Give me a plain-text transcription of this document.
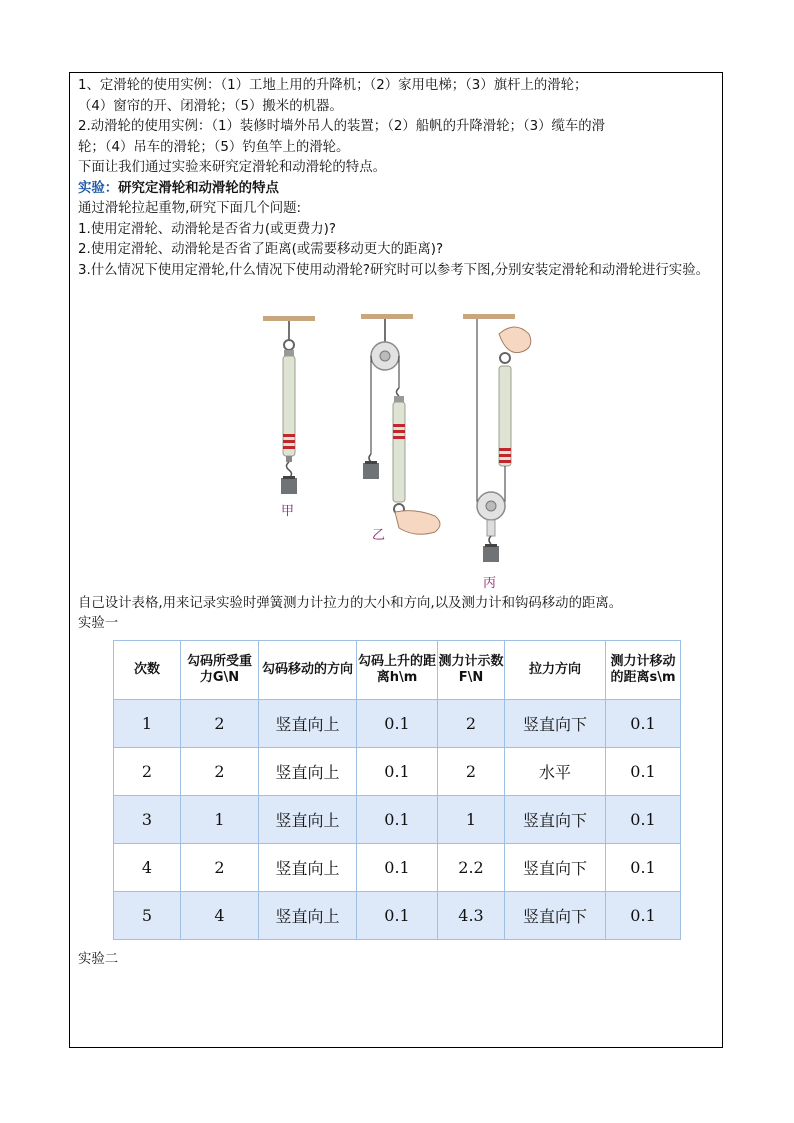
1、定滑轮的使用实例：（1）工地上用的升降机；（2）家用电梯；（3）旗杆上的滑轮；

（4）窗帘的开、闭滑轮；（5）搬米的机器。

2.动滑轮的使用实例：（1）装修时墙外吊人的装置；（2）船帆的升降滑轮；（3）缆车的滑

轮；（4）吊车的滑轮；（5）钓鱼竿上的滑轮。

下面让我们通过实验来研究定滑轮和动滑轮的特点。

实验：研究定滑轮和动滑轮的特点

通过滑轮拉起重物,研究下面几个问题:

1.使用定滑轮、动滑轮是否省力(或更费力)?

2.使用定滑轮、动滑轮是否省了距离(或需要移动更大的距离)?

3.什么情况下使用定滑轮,什么情况下使用动滑轮?研究时可以参考下图,分别安装定滑轮和动滑轮进行实验。

甲
乙
丙

自己设计表格,用来记录实验时弹簧测力计拉力的大小和方向,以及测力计和钩码移动的距离。

实验一

次数	勾码所受重力G\N	勾码移动的方向	勾码上升的距离h\m	测力计示数F\N	拉力方向	测力计移动的距离s\m
1	2	竖直向上	0.1	2	竖直向下	0.1
2	2	竖直向上	0.1	2	水平	0.1
3	1	竖直向上	0.1	1	竖直向下	0.1
4	2	竖直向上	0.1	2.2	竖直向下	0.1
5	4	竖直向上	0.1	4.3	竖直向下	0.1
实验二
